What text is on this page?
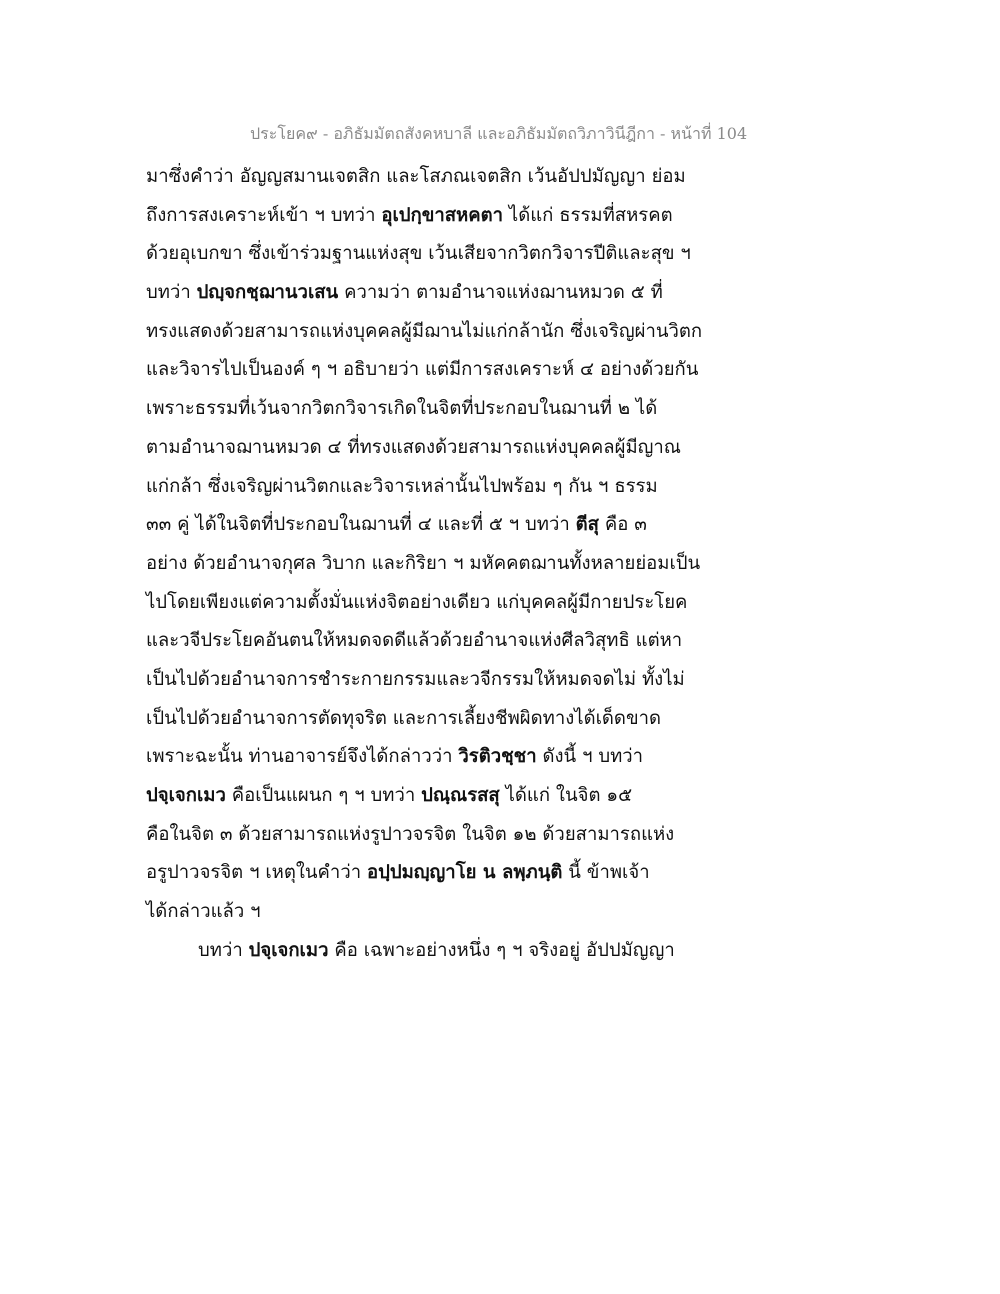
ประโยค๙ - อภิธัมมัตถสังคหบาลี และอภิธัมมัตถวิภาวินีฎีกา - หน้าที่ 104
มาซึ่งคำว่า อัญญสมานเจตสิก และโสภณเจตสิก เว้นอัปปมัญญา ย่อม
ถึงการสงเคราะห์เข้า ฯ บทว่า อุเปกฺขาสหคตา ได้แก่ ธรรมที่สหรคต
ด้วยอุเบกขา ซึ่งเข้าร่วมฐานแห่งสุข เว้นเสียจากวิตกวิจารปีติและสุข ฯ
บทว่า ปญฺจกชฺฌานวเสน ความว่า ตามอำนาจแห่งฌานหมวด ๕ ที่
ทรงแสดงด้วยสามารถแห่งบุคคลผู้มีฌานไม่แก่กล้านัก ซึ่งเจริญผ่านวิตก
และวิจารไปเป็นองค์ ๆ ฯ อธิบายว่า แต่มีการสงเคราะห์ ๔ อย่างด้วยกัน
เพราะธรรมที่เว้นจากวิตกวิจารเกิดในจิตที่ประกอบในฌานที่ ๒ ได้
ตามอำนาจฌานหมวด ๔ ที่ทรงแสดงด้วยสามารถแห่งบุคคลผู้มีญาณ
แก่กล้า ซึ่งเจริญผ่านวิตกและวิจารเหล่านั้นไปพร้อม ๆ กัน ฯ ธรรม
๓๓ คู่ ได้ในจิตที่ประกอบในฌานที่ ๔ และที่ ๕ ฯ บทว่า ตีสุ คือ ๓
อย่าง ด้วยอำนาจกุศล วิบาก และกิริยา ฯ มหัคคตฌานทั้งหลายย่อมเป็น
ไปโดยเพียงแต่ความตั้งมั่นแห่งจิตอย่างเดียว แก่บุคคลผู้มีกายประโยค
และวจีประโยคอันตนให้หมดจดดีแล้วด้วยอำนาจแห่งศีลวิสุทธิ แต่หา
เป็นไปด้วยอำนาจการชำระกายกรรมและวจีกรรมให้หมดจดไม่ ทั้งไม่
เป็นไปด้วยอำนาจการตัดทุจริต และการเลี้ยงชีพผิดทางได้เด็ดขาด
เพราะฉะนั้น ท่านอาจารย์จึงได้กล่าวว่า วิรติวชฺชา ดังนี้ ฯ บทว่า
ปจฺเจกเมว คือเป็นแผนก ๆ ฯ บทว่า ปณฺณรสสุ ได้แก่ ในจิต ๑๕
คือในจิต ๓ ด้วยสามารถแห่งรูปาวจรจิต ในจิต ๑๒ ด้วยสามารถแห่ง
อรูปาวจรจิต ฯ เหตุในคำว่า อปฺปมญฺญาโย น ลพฺภนฺติ นี้ ข้าพเจ้า
ได้กล่าวแล้ว ฯ
บทว่า ปจฺเจกเมว คือ เฉพาะอย่างหนึ่ง ๆ ฯ จริงอยู่ อัปปมัญญา
